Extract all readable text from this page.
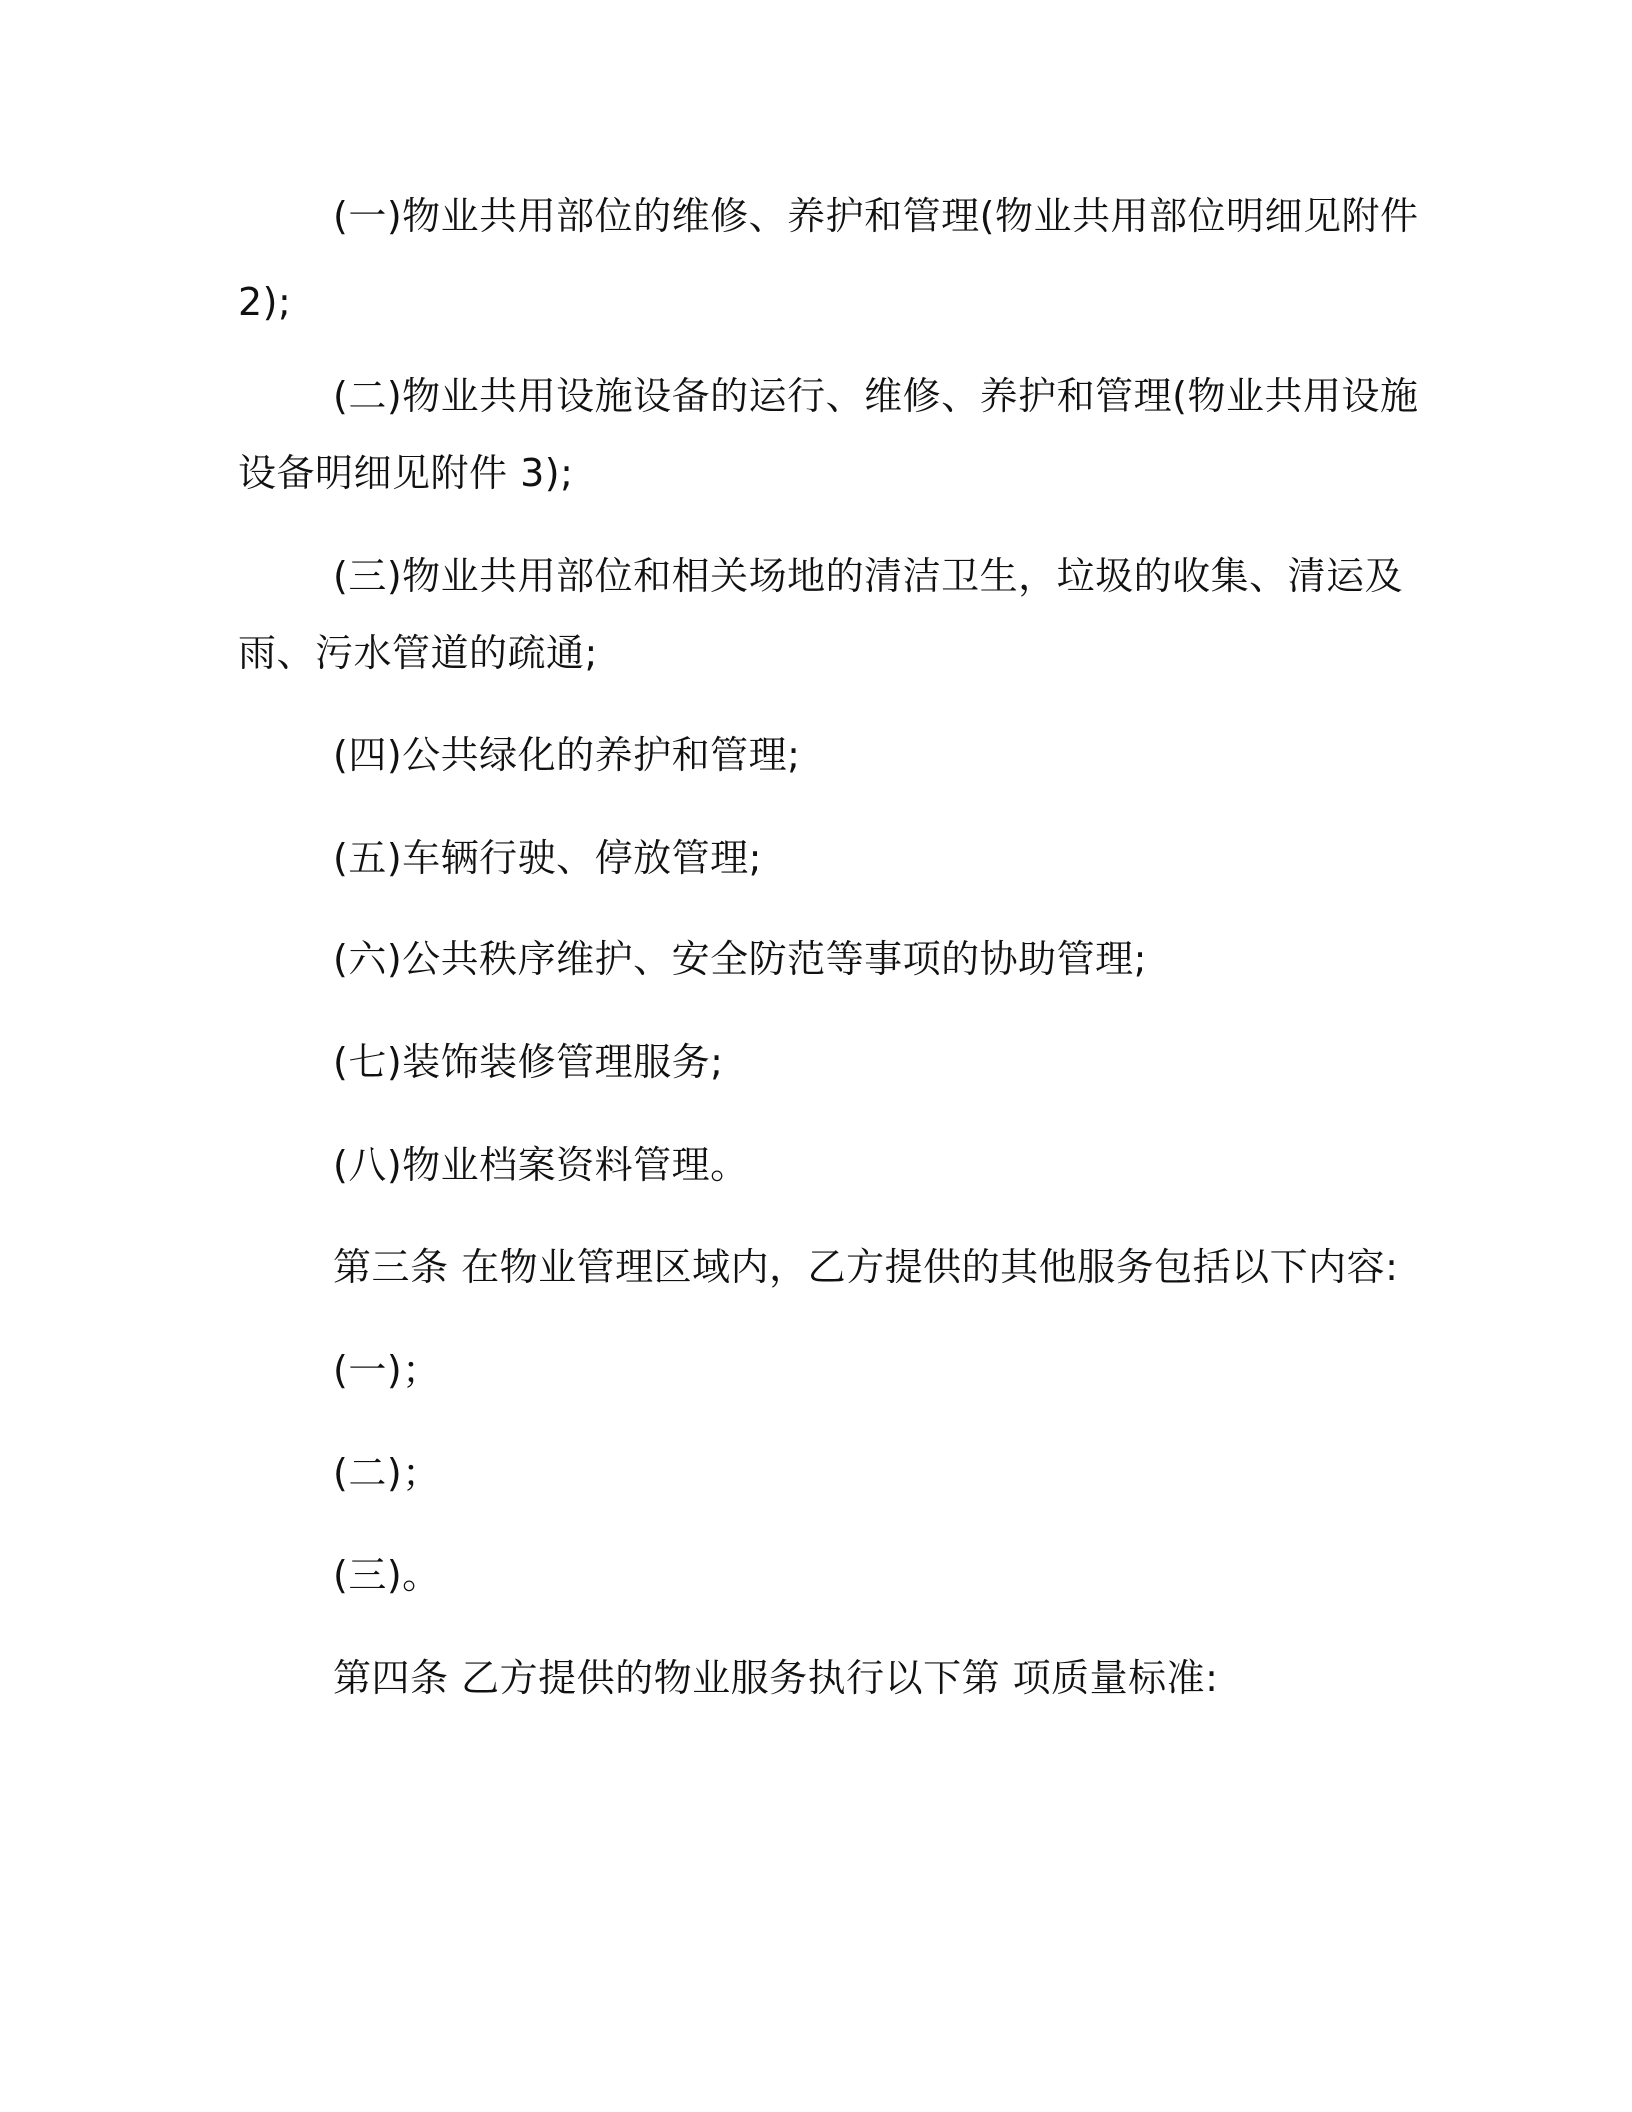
(一)物业共用部位的维修、养护和管理(物业共用部位明细见附件
2);
(二)物业共用设施设备的运行、维修、养护和管理(物业共用设施
设备明细见附件 3);
(三)物业共用部位和相关场地的清洁卫生，垃圾的收集、清运及
雨、污水管道的疏通;
(四)公共绿化的养护和管理;
(五)车辆行驶、停放管理;
(六)公共秩序维护、安全防范等事项的协助管理;
(七)装饰装修管理服务;
(八)物业档案资料管理。
第三条 在物业管理区域内，乙方提供的其他服务包括以下内容:
(一)；
(二)；
(三)。
第四条 乙方提供的物业服务执行以下第 项质量标准:
